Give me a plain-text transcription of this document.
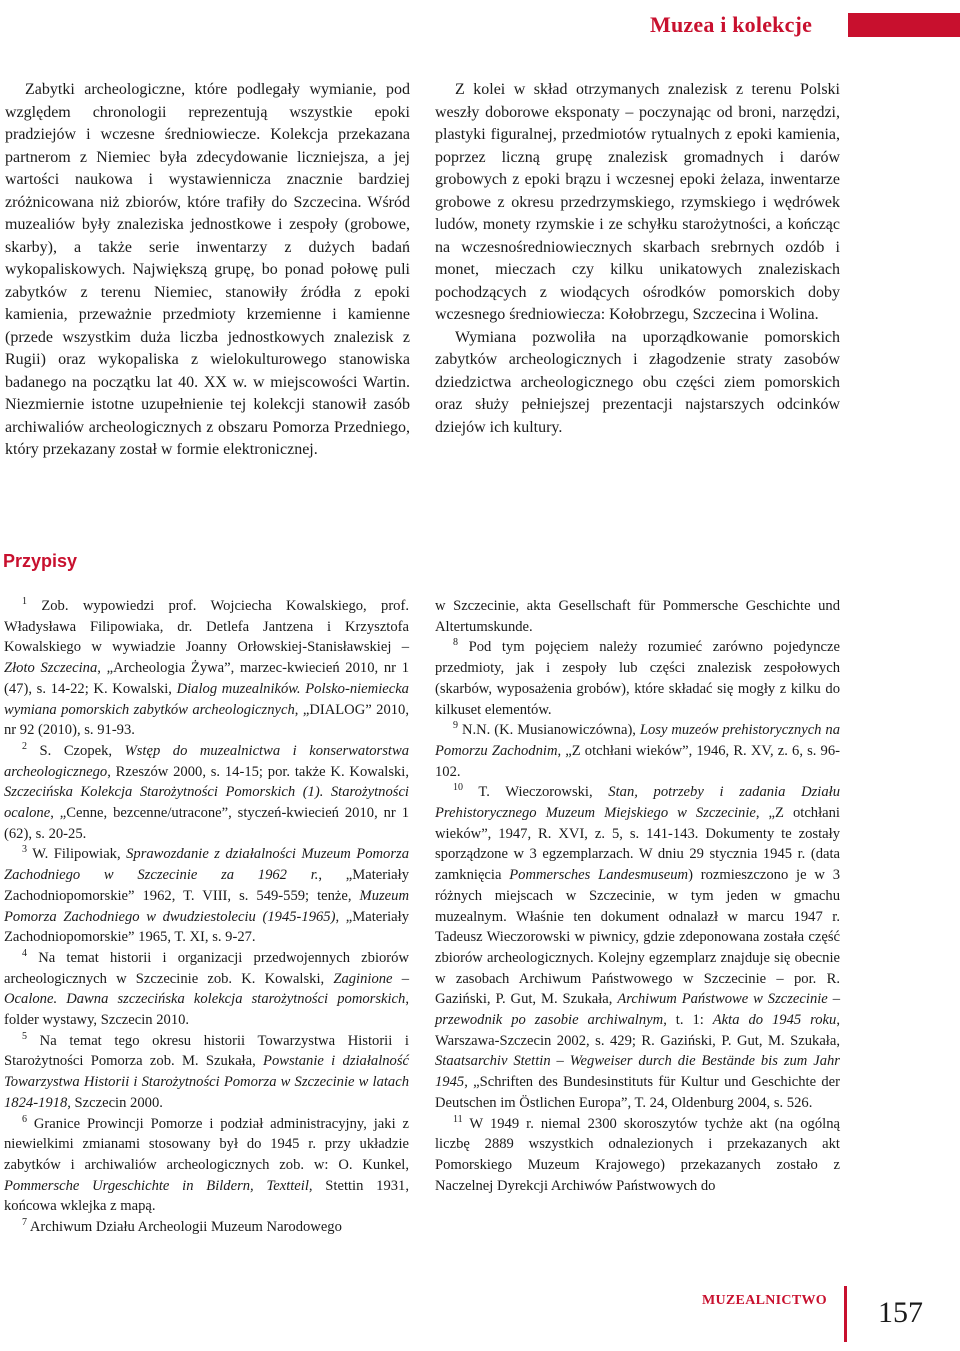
Muzea i kolekcje

Zabytki archeologiczne, które podlegały wymianie, pod względem chronologii reprezentują wszystkie epoki pradziejów i wczesne średniowiecze. Kolekcja przekazana partnerom z Niemiec była zdecydowanie liczniejsza, a jej wartości naukowa i wystawiennicza znacznie bardziej zróżnicowana niż zbiorów, które trafiły do Szczecina. Wśród muzealiów były znaleziska jednostkowe i zespoły (grobowe, skarby), a także serie inwentarzy z dużych badań wykopaliskowych. Największą grupę, bo ponad połowę puli zabytków z terenu Niemiec, stanowiły źródła z epoki kamienia, przeważnie przedmioty krzemienne i kamienne (przede wszystkim duża liczba jednostkowych znalezisk z Rugii) oraz wykopaliska z wielokulturowego stanowiska badanego na początku lat 40. XX w. w miejscowości Wartin. Niezmiernie istotne uzupełnienie tej kolekcji stanowił zasób archiwaliów archeologicznych z obszaru Pomorza Przedniego, który przekazany został w formie elektronicznej.

Z kolei w skład otrzymanych znalezisk z terenu Polski weszły doborowe eksponaty – poczynając od broni, narzędzi, plastyki figuralnej, przedmiotów rytualnych z epoki kamienia, poprzez liczną grupę znalezisk gromadnych i darów grobowych z epoki brązu i wczesnej epoki żelaza, inwentarze grobowe z okresu przedrzymskiego, rzymskiego i wędrówek ludów, monety rzymskie i ze schyłku starożytności, a kończąc na wczesnośredniowiecznych skarbach srebrnych ozdób i monet, mieczach czy kilku unikatowych znaleziskach pochodzących z wiodących ośrodków pomorskich doby wczesnego średniowiecza: Kołobrzegu, Szczecina i Wolina.

Wymiana pozwoliła na uporządkowanie pomorskich zabytków archeologicznych i złagodzenie straty zasobów dziedzictwa archeologicznego obu części ziem pomorskich oraz służy pełniejszej prezentacji najstarszych odcinków dziejów ich kultury.

Przypisy

$^1$ Zob. wypowiedzi prof. Wojciecha Kowalskiego, prof. Władysława Filipowiaka, dr. Detlefa Jantzena i Krzysztofa Kowalskiego w wywiadzie Joanny Orłowskiej-Stanisławskiej – Złoto Szczecina, „Archeologia Żywa”, marzec-kwiecień 2010, nr 1 (47), s. 14-22; K. Kowalski, Dialog muzealników. Polsko-niemiecka wymiana pomorskich zabytków archeologicznych, „DIALOG” 2010, nr 92 (2010), s. 91-93.

$^2$ S. Czopek, Wstęp do muzealnictwa i konserwatorstwa archeologicznego, Rzeszów 2000, s. 14-15; por. także K. Kowalski, Szczecińska Kolekcja Starożytności Pomorskich (1). Starożytności ocalone, „Cenne, bezcenne/utracone”, styczeń-kwiecień 2010, nr 1 (62), s. 20-25.

$^3$ W. Filipowiak, Sprawozdanie z działalności Muzeum Pomorza Zachodniego w Szczecinie za 1962 r., „Materiały Zachodniopomorskie” 1962, T. VIII, s. 549-559; tenże, Muzeum Pomorza Zachodniego w dwudziestoleciu (1945-1965), „Materiały Zachodniopomorskie” 1965, T. XI, s. 9-27.

$^4$ Na temat historii i organizacji przedwojennych zbiorów archeologicznych w Szczecinie zob. K. Kowalski, Zaginione – Ocalone. Dawna szczecińska kolekcja starożytności pomorskich, folder wystawy, Szczecin 2010.

$^5$ Na temat tego okresu historii Towarzystwa Historii i Starożytności Pomorza zob. M. Szukała, Powstanie i działalność Towarzystwa Historii i Starożytności Pomorza w Szczecinie w latach 1824-1918, Szczecin 2000.

$^6$ Granice Prowincji Pomorze i podział administracyjny, jaki z niewielkimi zmianami stosowany był do 1945 r. przy układzie zabytków i archiwaliów archeologicznych zob. w: O. Kunkel, Pommersche Urgeschichte in Bildern, Textteil, Stettin 1931, końcowa wklejka z mapą.

$^7$ Archiwum Działu Archeologii Muzeum Narodowego

w Szczecinie, akta Gesellschaft für Pommersche Geschichte und Altertumskunde.

$^8$ Pod tym pojęciem należy rozumieć zarówno pojedyncze przedmioty, jak i zespoły lub części znalezisk zespołowych (skarbów, wyposażenia grobów), które składać się mogły z kilku do kilkuset elementów.

$^9$ N.N. (K. Musianowiczówna), Losy muzeów prehistorycznych na Pomorzu Zachodnim, „Z otchłani wieków”, 1946, R. XV, z. 6, s. 96-102.

$^{10}$ T. Wieczorowski, Stan, potrzeby i zadania Działu Prehistorycznego Muzeum Miejskiego w Szczecinie, „Z otchłani wieków”, 1947, R. XVI, z. 5, s. 141-143. Dokumenty te zostały sporządzone w 3 egzemplarzach. W dniu 29 stycznia 1945 r. (data zamknięcia Pommersches Landesmuseum) rozmieszczono je w 3 różnych miejscach w Szczecinie, w tym jeden w gmachu muzealnym. Właśnie ten dokument odnalazł w marcu 1947 r. Tadeusz Wieczorowski w piwnicy, gdzie zdeponowana została część zbiorów archeologicznych. Kolejny egzemplarz znajduje się obecnie w zasobach Archiwum Państwowego w Szczecinie – por. R. Gaziński, P. Gut, M. Szukała, Archiwum Państwowe w Szczecinie – przewodnik po zasobie archiwalnym, t. 1: Akta do 1945 roku, Warszawa-Szczecin 2002, s. 429; R. Gaziński, P. Gut, M. Szukała, Staatsarchiv Stettin – Wegweiser durch die Bestände bis zum Jahr 1945, „Schriften des Bundesinstituts für Kultur und Geschichte der Deutschen im Östlichen Europa”, T. 24, Oldenburg 2004, s. 526.

$^{11}$ W 1949 r. niemal 2300 skoroszytów tychże akt (na ogólną liczbę 2889 wszystkich odnalezionych i przekazanych akt Pomorskiego Muzeum Krajowego) przekazanych zostało z Naczelnej Dyrekcji Archiwów Państwowych do

MUZEALNICTWO 157
